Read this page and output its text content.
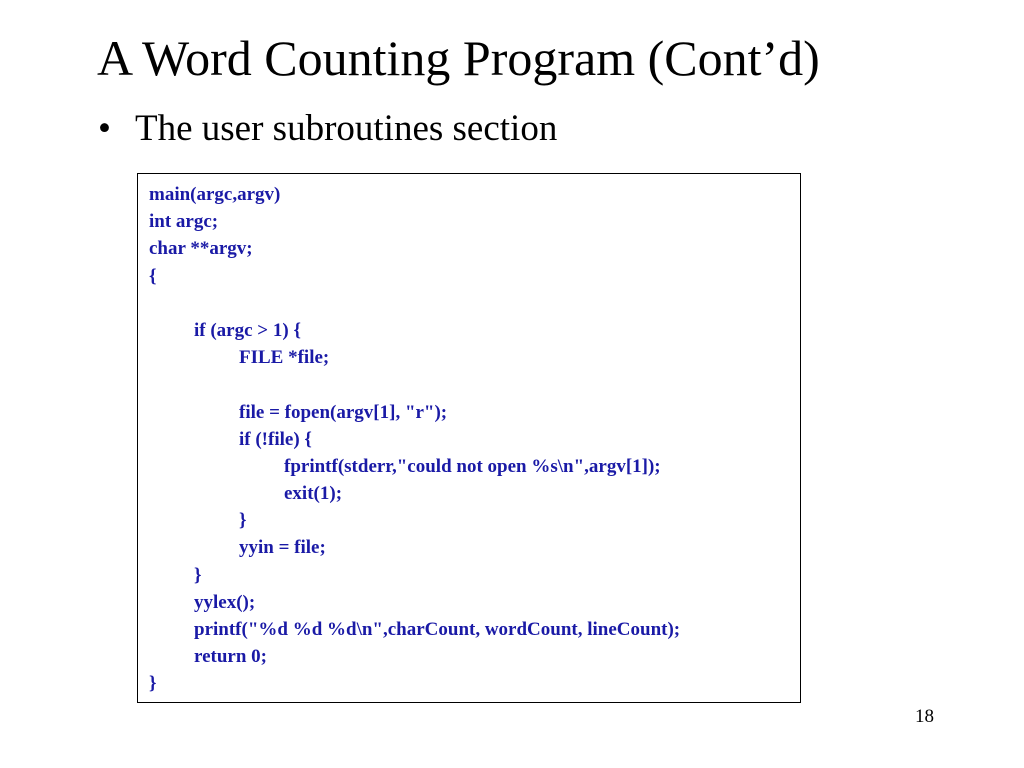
A Word Counting Program (Cont’d)
• The user subroutines section
main(argc,argv)
int argc;
char **argv;
{
if (argc > 1) {
FILE *file;
file = fopen(argv[1], "r");
if (!file) {
fprintf(stderr,"could not open %s\n",argv[1]);
exit(1);
}
yyin = file;
}
yylex();
printf("%d %d %d\n",charCount, wordCount, lineCount);
return 0;
}
18
